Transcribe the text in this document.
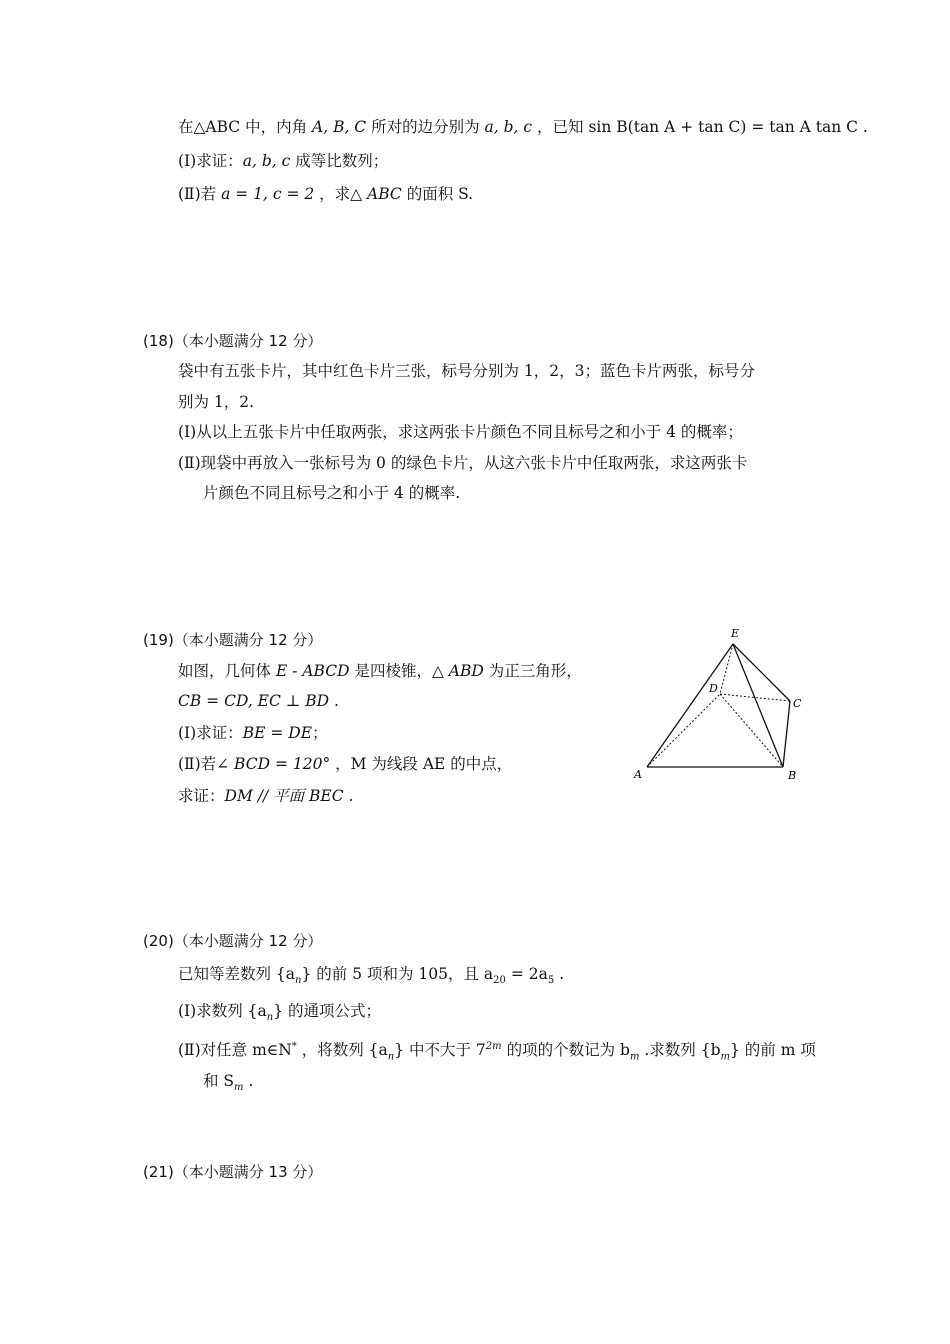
在△ABC 中，内角 A, B, C 所对的边分别为 a, b, c ，已知 sin B(tan A + tan C) = tan A tan C .
(Ⅰ)求证：a, b, c 成等比数列；
(Ⅱ)若 a = 1, c = 2 ，求△ ABC 的面积 S.
(18)（本小题满分 12 分）
袋中有五张卡片，其中红色卡片三张，标号分别为 1，2，3；蓝色卡片两张，标号分
别为 1，2.
(Ⅰ)从以上五张卡片中任取两张，求这两张卡片颜色不同且标号之和小于 4 的概率；
(Ⅱ)现袋中再放入一张标号为 0 的绿色卡片，从这六张卡片中任取两张，求这两张卡
片颜色不同且标号之和小于 4 的概率.
(19)（本小题满分 12 分）
如图，几何体 E - ABCD 是四棱锥，△ ABD 为正三角形，
CB = CD, EC ⊥ BD .
(Ⅰ)求证：BE = DE；
(Ⅱ)若∠ BCD = 120° ，M 为线段 AE 的中点，
求证：DM // 平面 BEC .
E
D
C
A	B
(20)（本小题满分 12 分）
已知等差数列 $\{a_n\}$ 的前 5 项和为 105，且 $a_{20} = 2a_5$ .
(Ⅰ)求数列 $\{a_n\}$ 的通项公式；
(Ⅱ)对任意 m∈N* ，将数列 $\{a_n\}$ 中不大于 $7^{2m}$ 的项的个数记为 $b_m$ .求数列 $\{b_m\}$ 的前 m 项
和 $S_m$ .
(21)（本小题满分 13 分）
